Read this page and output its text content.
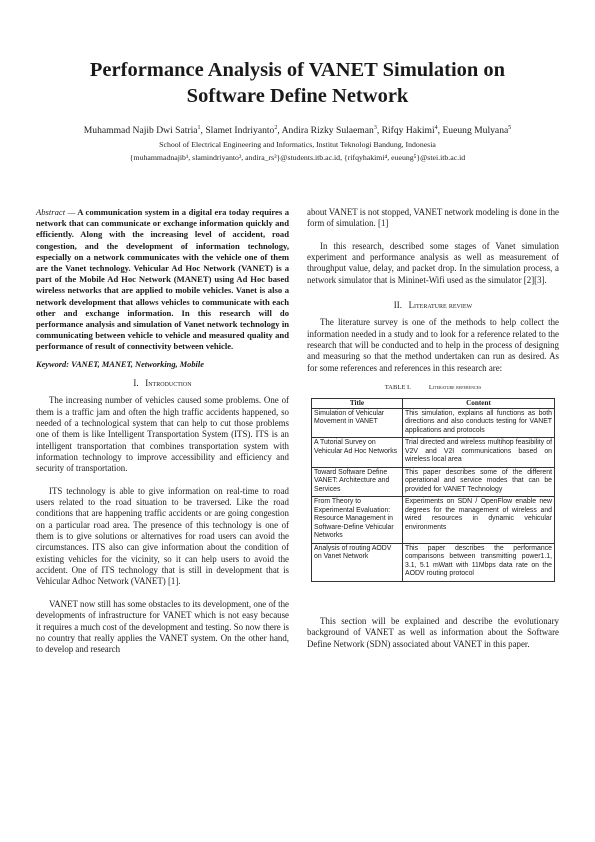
Performance Analysis of VANET Simulation on
Software Define Network
Muhammad Najib Dwi Satria$^1$, Slamet Indriyanto$^2$, Andira Rizky Sulaeman$^3$, Rifqy Hakimi$^4$, Eueung Mulyana$^5$
School of Electrical Engineering and Informatics, Institut Teknologi Bandung, Indonesia
{muhammadnajib¹, slamindriyanto², andira_rs³}@students.itb.ac.id, {rifqyhakimi⁴, eueung⁵}@stei.itb.ac.id

Abstract — A communication system in a digital era today requires a network that can communicate or exchange information quickly and efficiently. Along with the increasing level of accident, road congestion, and the development of information technology, especially on a network communicates with the vehicle one of them are the Vanet technology. Vehicular Ad Hoc Network (VANET) is a part of the Mobile Ad Hoc Network (MANET) using Ad Hoc based wireless networks that are applied to mobile vehicles. Vanet is also a network development that allows vehicles to communicate with each other and exchange information. In this research will do performance analysis and simulation of Vanet network technology in communicating between vehicle to vehicle and measured quality and performance of result of connectivity between vehicle.

Keyword: VANET, MANET, Networking, Mobile

I. Introduction

The increasing number of vehicles caused some problems. One of them is a traffic jam and often the high traffic accidents happened, so needed of a technological system that can help to cut those problems one of them is like Intelligent Transportation System (ITS). ITS is an intelligent transportation that combines transportation system with information technology to improve accessibility and efficiency and security of transportation.

ITS technology is able to give information on real-time to road users related to the road situation to be traversed. Like the road conditions that are happening traffic accidents or are going congestion on a particular road area. The presence of this technology is one of them is to give solutions or alternatives for road users can avoid the circumstances. ITS also can give information about the condition of existing vehicles for the vicinity, so it can help users to avoid the accident. One of ITS technology that is still in development that is Vehicular Adhoc Network (VANET) [1].

VANET now still has some obstacles to its development, one of the developments of infrastructure for VANET which is not easy because it requires a much cost of the development and testing. So now there is no country that really applies the VANET system. On the other hand, to develop and research

about VANET is not stopped, VANET network modeling is done in the form of simulation. [1]

In this research, described some stages of Vanet simulation experiment and performance analysis as well as measurement of throughput value, delay, and packet drop. In the simulation process, a network simulator that is Mininet-Wifi used as the simulator [2][3].

II. Literature review

The literature survey is one of the methods to help collect the information needed in a study and to look for a reference related to the research that will be conducted and to help in the process of designing and measuring so that the method undertaken can run as desired. As for some references and references in this research are:

TABLE I.	Literature references
Title	Content
Simulation of Vehicular Movement in VANET	This simulation, explains all functions as both directions and also conducts testing for VANET applications and protocols
A Tutorial Survey on Vehicular Ad Hoc Networks	Trial directed and wireless multihop feasibility of V2V and V2I communications based on wireless local area
Toward Software Define VANET: Architecture and Services	This paper describes some of the different operational and service modes that can be provided for VANET Technology
From Theory to Experimental Evaluation: Resource Management in Software-Define Vehicular Networks	Experiments on SDN / OpenFlow enable new degrees for the management of wireless and wired resources in dynamic vehicular environments
Analysis of routing AODV on Vanet Network	This paper describes the performance comparisons between transmitting power1.1, 3.1, 5.1 mWatt with 11Mbps data rate on the AODV routing protocol

This section will be explained and describe the evolutionary background of VANET as well as information about the Software Define Network (SDN) associated about VANET in this paper.
